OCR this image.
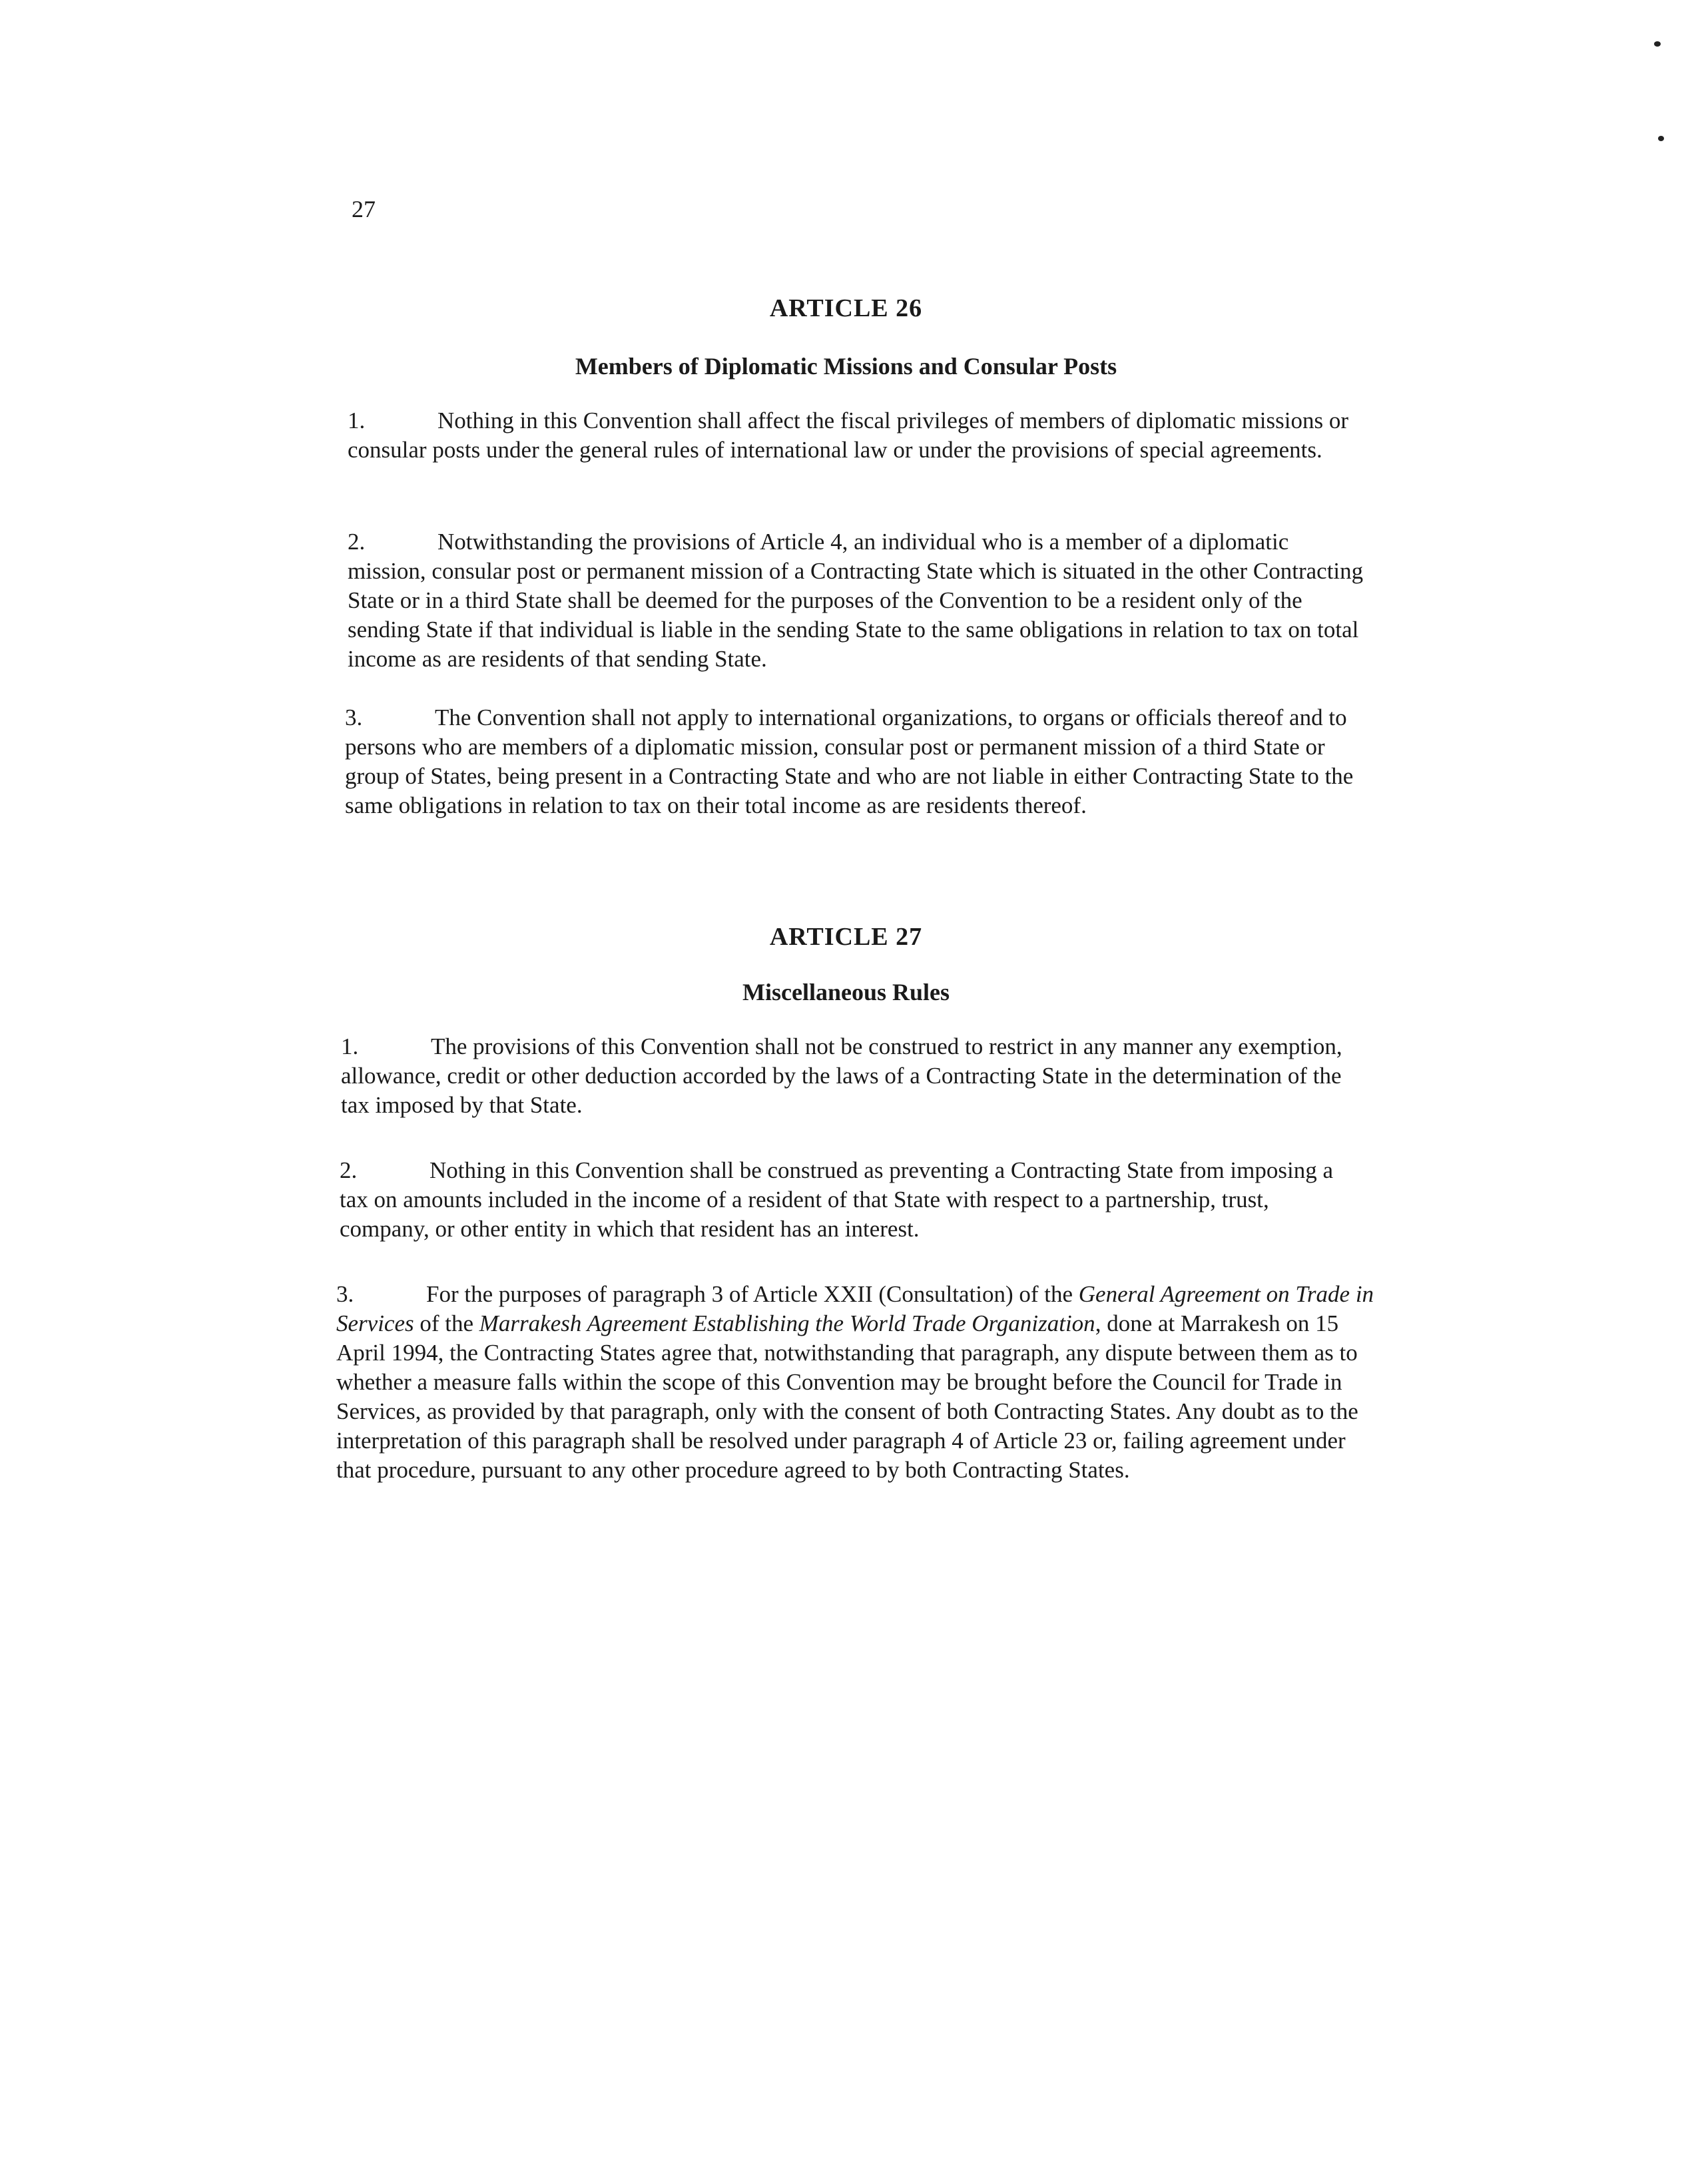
27
ARTICLE 26
Members of Diplomatic Missions and Consular Posts

1.	Nothing in this Convention shall affect the fiscal privileges of members of diplomatic missions or consular posts under the general rules of international law or under the provisions of special agreements.

2.	Notwithstanding the provisions of Article 4, an individual who is a member of a diplomatic mission, consular post or permanent mission of a Contracting State which is situated in the other Contracting State or in a third State shall be deemed for the purposes of the Convention to be a resident only of the sending State if that individual is liable in the sending State to the same obligations in relation to tax on total income as are residents of that sending State.

3.	The Convention shall not apply to international organizations, to organs or officials thereof and to persons who are members of a diplomatic mission, consular post or permanent mission of a third State or group of States, being present in a Contracting State and who are not liable in either Contracting State to the same obligations in relation to tax on their total income as are residents thereof.

ARTICLE 27
Miscellaneous Rules

1.	The provisions of this Convention shall not be construed to restrict in any manner any exemption, allowance, credit or other deduction accorded by the laws of a Contracting State in the determination of the tax imposed by that State.

2.	Nothing in this Convention shall be construed as preventing a Contracting State from imposing a tax on amounts included in the income of a resident of that State with respect to a partnership, trust, company, or other entity in which that resident has an interest.

3.	For the purposes of paragraph 3 of Article XXII (Consultation) of the General Agreement on Trade in Services of the Marrakesh Agreement Establishing the World Trade Organization, done at Marrakesh on 15 April 1994, the Contracting States agree that, notwithstanding that paragraph, any dispute between them as to whether a measure falls within the scope of this Convention may be brought before the Council for Trade in Services, as provided by that paragraph, only with the consent of both Contracting States. Any doubt as to the interpretation of this paragraph shall be resolved under paragraph 4 of Article 23 or, failing agreement under that procedure, pursuant to any other procedure agreed to by both Contracting States.
